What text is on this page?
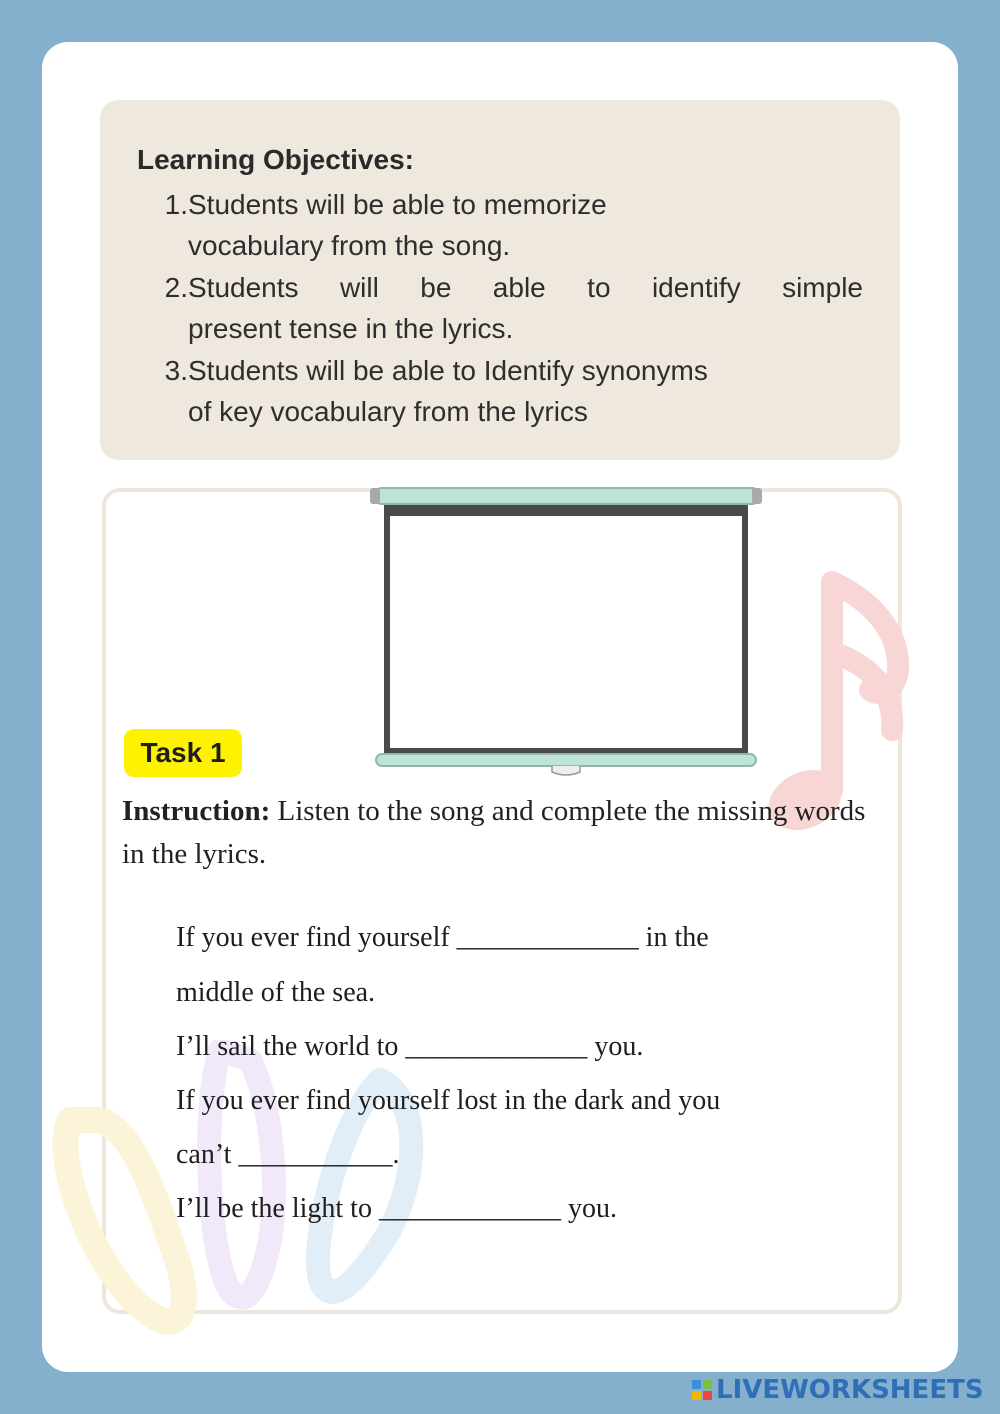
Learning Objectives:
1. Students will be able to memorize
vocabulary from the song.
2. Students will be able to identify simple
present tense in the lyrics.
3. Students will be able to Identify synonyms
of key vocabulary from the lyrics
Task 1
Instruction: Listen to the song and complete the missing words in the lyrics.
If you ever find yourself _____________ in the
middle of the sea.
I’ll sail the world to _____________ you.
If you ever find yourself lost in the dark and you
can’t ___________.
I’ll be the light to _____________ you.
LIVEWORKSHEETS
